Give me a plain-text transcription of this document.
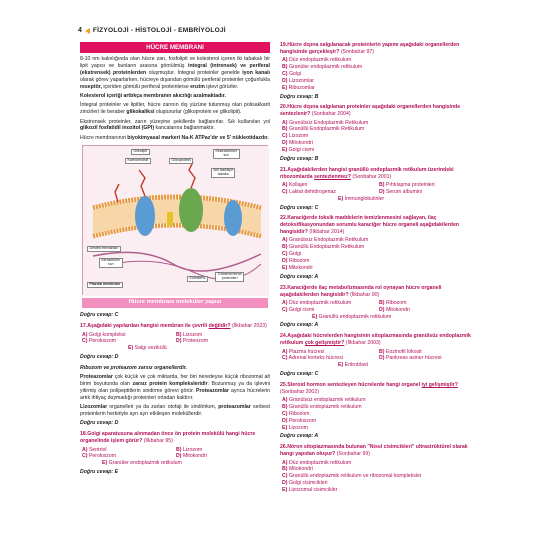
4 FİZYOLOJİ - HİSTOLOJİ - EMBRİYOLOJİ
HÜCRE MEMBRANI

8-10 nm kalınlığında olan hücre zarı, fosfolipit ve kolesterol içeren iki tabakalı bir lipit yapısı ve bunların arasına gömülmüş integral (intrensek) ve periferal (ekstrensek) proteinlerden oluşmuştur. İntegral proteinler genelde iyon kanalı olarak görev yaparlarken, hücreye dışarıdan gömülü periferal proteinler çoğunlukla reseptör, içeriden gömülü periferal proteinlerse enzim işlevi görürler.

Kolesterol içeriği arttıkça membranın akıcılığı azalmaktadır.

İntegral proteinler ve lipitler, hücre zarının dış yüzüne tutunmuş olan polisakkarit zincirleri ile beraber glikokaliksi oluştururlar (glikoprotein ve glikolipit).

Ekstrensek proteinler, zarın yüzeyine şekillerde bağlanırlar. Sık kullanılan yol glikozil fosfatidil inozitol (GPI) kancalarına bağlanmaktır.

Hücre membranının biyokimyasal markeri Na-K ATPaz'dır ve 5' nükleotidazdır.

Glikolipit
Karbonhidrat	Glikoprotein
Ekstrasellüler
sıvı
İkili fosfolipit
tabaka
Destek elemanları
İntrasellüler
sıvı
Kolesterol
Transmembran
proteinleri
Plazma membranı
Hücre membranı moleküler yapısı
Doğru cevap: C
17.Aşağıdaki yapılardan hangisi membran ile çevrili değildir? (İlkbahar 2023)
A) Golgi kompleksi	B) Lizozom
C) Peroksizom	D) Proteozom
E) Salgı vezikülü
Doğru cevap: D

Ribozom ve proteazom zarsız organellerdir.

Proteazomlar çok küçük ve çok miktarda, her biri neredeyse küçük ribozomal alt birim boyutunda olan zarsız protein kompleksleridir. Bozunmuş ya da işlevini yitirmiş olan polipeptitlerin sindirme görevi görür. Proteazomlar ayrıca hücrelerin artık ihtiyaç duymadığı proteinleri ortadan kaldırır.

Lizozomlar organelleri ya da zarları otofaji ile sindirirken, proteazomlar serbest proteinlerin herbiriyle ayrı ayrı etkileşen moleküllerdir.

Doğru cevap: D
18.Golgi aparatusuna alınmadan önce ön protein molekülü hangi hücre organelinde işlem görür? (İlkbahar 95)
A) Sentriol	B) Lizozom
C) Peroksizom	D) Mitokondri
E) Granüler endoplazmik retikulum
Doğru cevap: E
19.Hücre dışına salgılanacak proteinlerin yapımı aşağıdaki organellerden hangisinde gerçekleşir? (Sonbahar 97)
A) Düz endoplazmik retikulum
B) Granüler endoplazmik retikulum
C) Golgi
D) Lizozomlar
E) Ribozomlar
Doğru cevap: B
20.Hücre dışına salgılanan proteinler aşağıdaki organellerden hangisinde sentezlenir? (Sonbahar 2004)
A) Granülsüz Endoplazmik Retikulum
B) Granüllü Endoplazmik Retikulum
C) Lizozom
D) Mitokondri
E) Golgi cismi
Doğru cevap: B
21.Aşağıdakilerden hangisi granüllü endoplazmik retikulum üzerindeki ribozomlarda sentezlenmez? (Sonbahar 2001)
A) Kollajen	B) Pıhtılaşma proteinleri
C) Laktat dehidrogenaz	D) Serum albumini
E) İmmunglobulinler
Doğru cevap: C
22.Karaciğerde toksik maddelerin temizlenmesini sağlayan, ilaç detoksifikasyonundan sorumlu karaciğer hücre organeli aşağıdakilerden hangisidir? (İlkbahar 2014)
A) Granülsüz Endoplazmik Retikulum
B) Granüllü Endoplazmik Retikulum
C) Golgi
D) Ribozom
E) Mitokondri
Doğru cevap: A
23.Karaciğerde ilaç metabolizmasında rol oynayan hücre organeli aşağıdakilerden hangisidir? (İlkbahar 90)
A) Düz endoplazmik retikulum	B) Ribozom
C) Golgi cismi	D) Mitokondri
E) Granüllü endoplazmik retikulum
Doğru cevap: A
24.Aşağıdaki hücrelerden hangisinin sitoplazmasında granülsüz endoplazmik retikulum çok gelişmiştir? (İlkbahar 2003)
A) Plazma hücresi	B) Eozinofil lökosit
C) Adrenal korteks hücresi	D) Pankreas asiner hücresi
E) Eritroblast
Doğru cevap: C
25.Steroid hormon sentezleyen hücrelerde hangi organel iyi gelişmiştir? (Sonbahar 2002)
A) Granülsüz endoplazmik retikulum
B) Granüllü endoplazmik retikulum
C) Ribozom
D) Peroksizom
E) Lizozom
Doğru cevap: A
26.Nöron sitoplazmasında bulunan "Nissl cisimcikleri" ultrastrüktürel olarak hangi yapıdan oluşur? (Sonbahar 99)
A) Düz endoplazmik retikulum
B) Mitokondri
C) Granüllü endoplazmik retikulum ve ribozomal kompleksler
D) Golgi cisimcikleri
E) Lizozomal cisimcikler
